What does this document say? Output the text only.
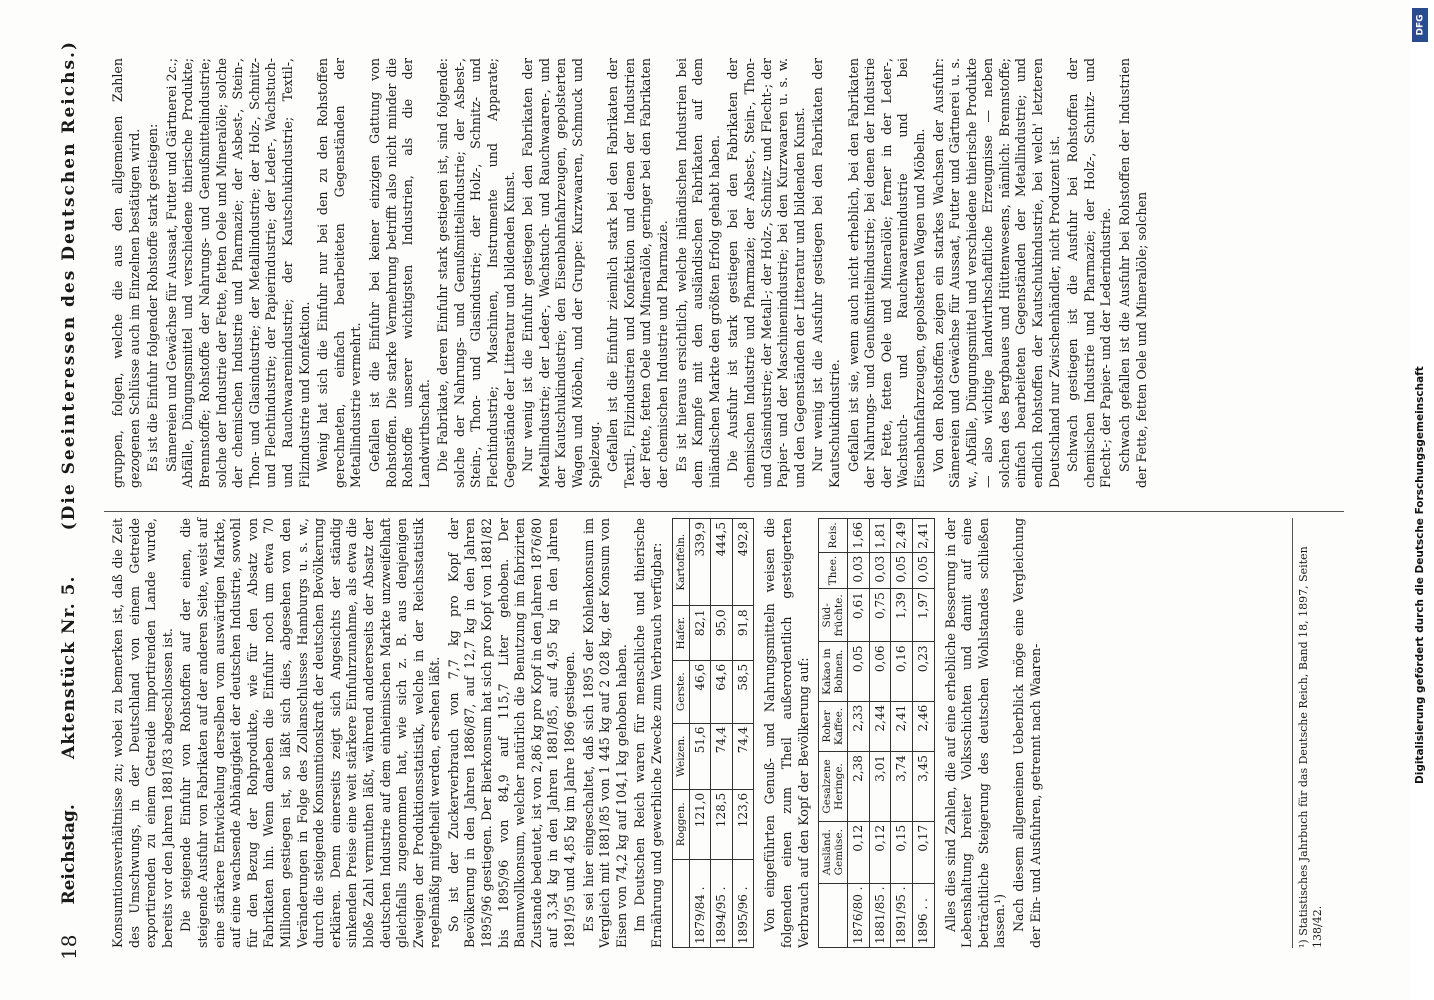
18
Reichstag.
Aktenstück Nr. 5.
(Die Seeinteressen des Deutschen Reichs.)

Konsumtionsverhältnisse zu; wobei zu bemerken ist, daß die Zeit des Umschwungs, in der Deutschland von einem Getreide exportirenden zu einem Getreide importirenden Lande wurde, bereits vor den Jahren 1881/83 abgeschlossen ist. Die steigende Einfuhr von Rohstoffen auf der einen, die steigende Ausfuhr von Fabrikaten auf der anderen Seite, weist auf eine stärkere Entwickelung derselben vom auswärtigen Markte, auf eine wachsende Abhängigkeit der deutschen Industrie, sowohl für den Bezug der Rohprodukte, wie für den Absatz von Fabrikaten hin. Wenn daneben die Einfuhr noch um etwa 70 Millionen gestiegen ist, so läßt sich dies, abgesehen von den Veränderungen in Folge des Zollanschlusses Hamburgs u. s. w., durch die steigende Konsumtionskraft der deutschen Bevölkerung erklären. Denn einerseits zeigt sich Angesichts der ständig sinkenden Preise eine weit stärkere Einfuhrzunahme, als etwa die bloße Zahl vermuthen läßt, während andererseits der Absatz der deutschen Industrie auf dem einheimischen Markte unzweifelhaft gleichfalls zugenommen hat, wie sich z. B. aus denjenigen Zweigen der Produktionsstatistik, welche in der Reichsstatistik regelmäßig mitgetheilt werden, ersehen läßt. So ist der Zuckerverbrauch von 7,7 kg pro Kopf der Bevölkerung in den Jahren 1886/87, auf 12,7 kg in den Jahren 1895/96 gestiegen. Der Bierkonsum hat sich pro Kopf von 1881/82 bis 1895/96 von 84,9 auf 115,7 Liter gehoben. Der Baumwollkonsum, welcher natürlich die Benutzung im fabrizirten Zustande bedeutet, ist von 2,86 kg pro Kopf in den Jahren 1876/80 auf 3,34 kg in den Jahren 1881/85, auf 4,95 kg in den Jahren 1891/95 und 4,85 kg im Jahre 1896 gestiegen. Es sei hier eingeschaltet, daß sich 1895 der Kohlenkonsum im Vergleich mit 1881/85 von 1 445 kg auf 2 028 kg, der Konsum von Eisen von 74,2 kg auf 104,1 kg gehoben haben. Im Deutschen Reich waren für menschliche und thierische Ernährung und gewerbliche Zwecke zum Verbrauch verfügbar:

	Roggen.	Weizen.	Gerste.	Hafer.	Kartoffeln.
1879/84 .	121,0	51,6	46,6	82,1	339,9
1894/95 .	128,5	74,4	64,6	95,0	444,5
1895/96 .	123,6	74,4	58,5	91,8	492,8 Von eingeführten Genuß- und Nahrungsmitteln weisen die folgenden einen zum Theil außerordentlich gesteigerten Verbrauch auf den Kopf der Bevölkerung auf:

	Ausländ. Gemüse.	Gesalzene Heringe.	Roher Kaffee.	Kakao in Bohnen.	Süd-früchte.	Thee.	Reis.
1876/80 .	0,12	2,38	2,33	0,05	0,61	0,03	1,66
1881/85 .	0,12	3,01	2,44	0,06	0,75	0,03	1,81
1891/95 .	0,15	3,74	2,41	0,16	1,39	0,05	2,49
1896 . .	0,17	3,45	2,46	0,23	1,97	0,05	2,41 Alles dies sind Zahlen, die auf eine erhebliche Besserung in der Lebenshaltung breiter Volksschichten und damit auf eine beträchtliche Steigerung des deutschen Wohlstandes schließen lassen.¹) Nach diesem allgemeinen Ueberblick möge eine Vergleichung der Ein- und Ausfuhren, getrennt nach Waaren-	¹) Statistisches Jahrbuch für das Deutsche Reich, Band 18, 1897, Seiten 138/42.

gruppen, folgen, welche die aus den allgemeinen Zahlen gezogenen Schlüsse auch im Einzelnen bestätigen wird. Es ist die Einfuhr folgender Rohstoffe stark gestiegen: Sämereien und Gewächse für Aussaat, Futter und Gärtnerei 2c.; Abfälle, Düngungsmittel und verschiedene thierische Produkte; Brennstoffe; Rohstoffe der Nahrungs- und Genußmittelindustrie; solche der Industrie der Fette, fetten Oele und Mineralöle; solche der chemischen Industrie und Pharmazie; der Asbest-, Stein-, Thon- und Glasindustrie; der Metallindustrie; der Holz-, Schnitz- und Flechtindustrie; der Papierindustrie; der Leder-, Wachstuch- und Rauchwaarenindustrie; der Kautschukindustrie; Textil-, Filzindustrie und Konfektion. Wenig hat sich die Einfuhr nur bei den zu den Rohstoffen gerechneten, einfach bearbeiteten Gegenständen der Metallindustrie vermehrt. Gefallen ist die Einfuhr bei keiner einzigen Gattung von Rohstoffen. Die starke Vermehrung betrifft also nicht minder die Rohstoffe unserer wichtigsten Industrien, als die der Landwirthschaft. Die Fabrikate, deren Einfuhr stark gestiegen ist, sind folgende: solche der Nahrungs- und Genußmittelindustrie; der Asbest-, Stein-, Thon- und Glasindustrie; der Holz-, Schnitz- und Flechtindustrie; Maschinen, Instrumente und Apparate; Gegenstände der Litteratur und bildenden Kunst. Nur wenig ist die Einfuhr gestiegen bei den Fabrikaten der Metallindustrie; der Leder-, Wachstuch- und Rauchwaaren-, und der Kautschukindustrie; den Eisenbahnfahrzeugen, gepolsterten Wagen und Möbeln, und der Gruppe: Kurzwaaren, Schmuck und Spielzeug. Gefallen ist die Einfuhr ziemlich stark bei den Fabrikaten der Textil-, Filzindustrien und Konfektion und denen der Industrien der Fette, fetten Oele und Mineralöle, geringer bei den Fabrikaten der chemischen Industrie und Pharmazie. Es ist hieraus ersichtlich, welche inländischen Industrien bei dem Kampfe mit den ausländischen Fabrikaten auf dem inländischen Markte den größten Erfolg gehabt haben. Die Ausfuhr ist stark gestiegen bei den Fabrikaten der chemischen Industrie und Pharmazie; der Asbest-, Stein-, Thon- und Glasindustrie; der Metall-; der Holz-, Schnitz- und Flecht-; der Papier- und der Maschinenindustrie; bei den Kurzwaaren u. s. w. und den Gegenständen der Litteratur und bildenden Kunst. Nur wenig ist die Ausfuhr gestiegen bei den Fabrikaten der Kautschukindustrie. Gefallen ist sie, wenn auch nicht erheblich, bei den Fabrikaten der Nahrungs- und Genußmittelindustrie; bei denen der Industrie der Fette, fetten Oele und Mineralöle; ferner in der Leder-, Wachstuch- und Rauchwaarenindustrie und bei Eisenbahnfahrzeugen, gepolsterten Wagen und Möbeln. Von den Rohstoffen zeigen ein starkes Wachsen der Ausfuhr: Sämereien und Gewächse für Aussaat, Futter und Gärtnerei u. s. w., Abfälle, Düngungsmittel und verschiedene thierische Produkte — also wichtige landwirthschaftliche Erzeugnisse — neben solchen des Bergbaues und Hüttenwesens, nämlich: Brennstoffe; einfach bearbeiteten Gegenständen der Metallindustrie; und endlich Rohstoffen der Kautschukindustrie, bei welch' letzteren Deutschland nur Zwischenhändler, nicht Produzent ist. Schwach gestiegen ist die Ausfuhr bei Rohstoffen der chemischen Industrie und Pharmazie; der Holz-, Schnitz- und Flecht-; der Papier- und der Lederindustrie. Schwach gefallen ist die Ausfuhr bei Rohstoffen der Industrien der Fette, fetten Oele und Mineralöle; solchen

DFG
Digitalisierung gefördert durch die Deutsche Forschungsgemeinschaft
